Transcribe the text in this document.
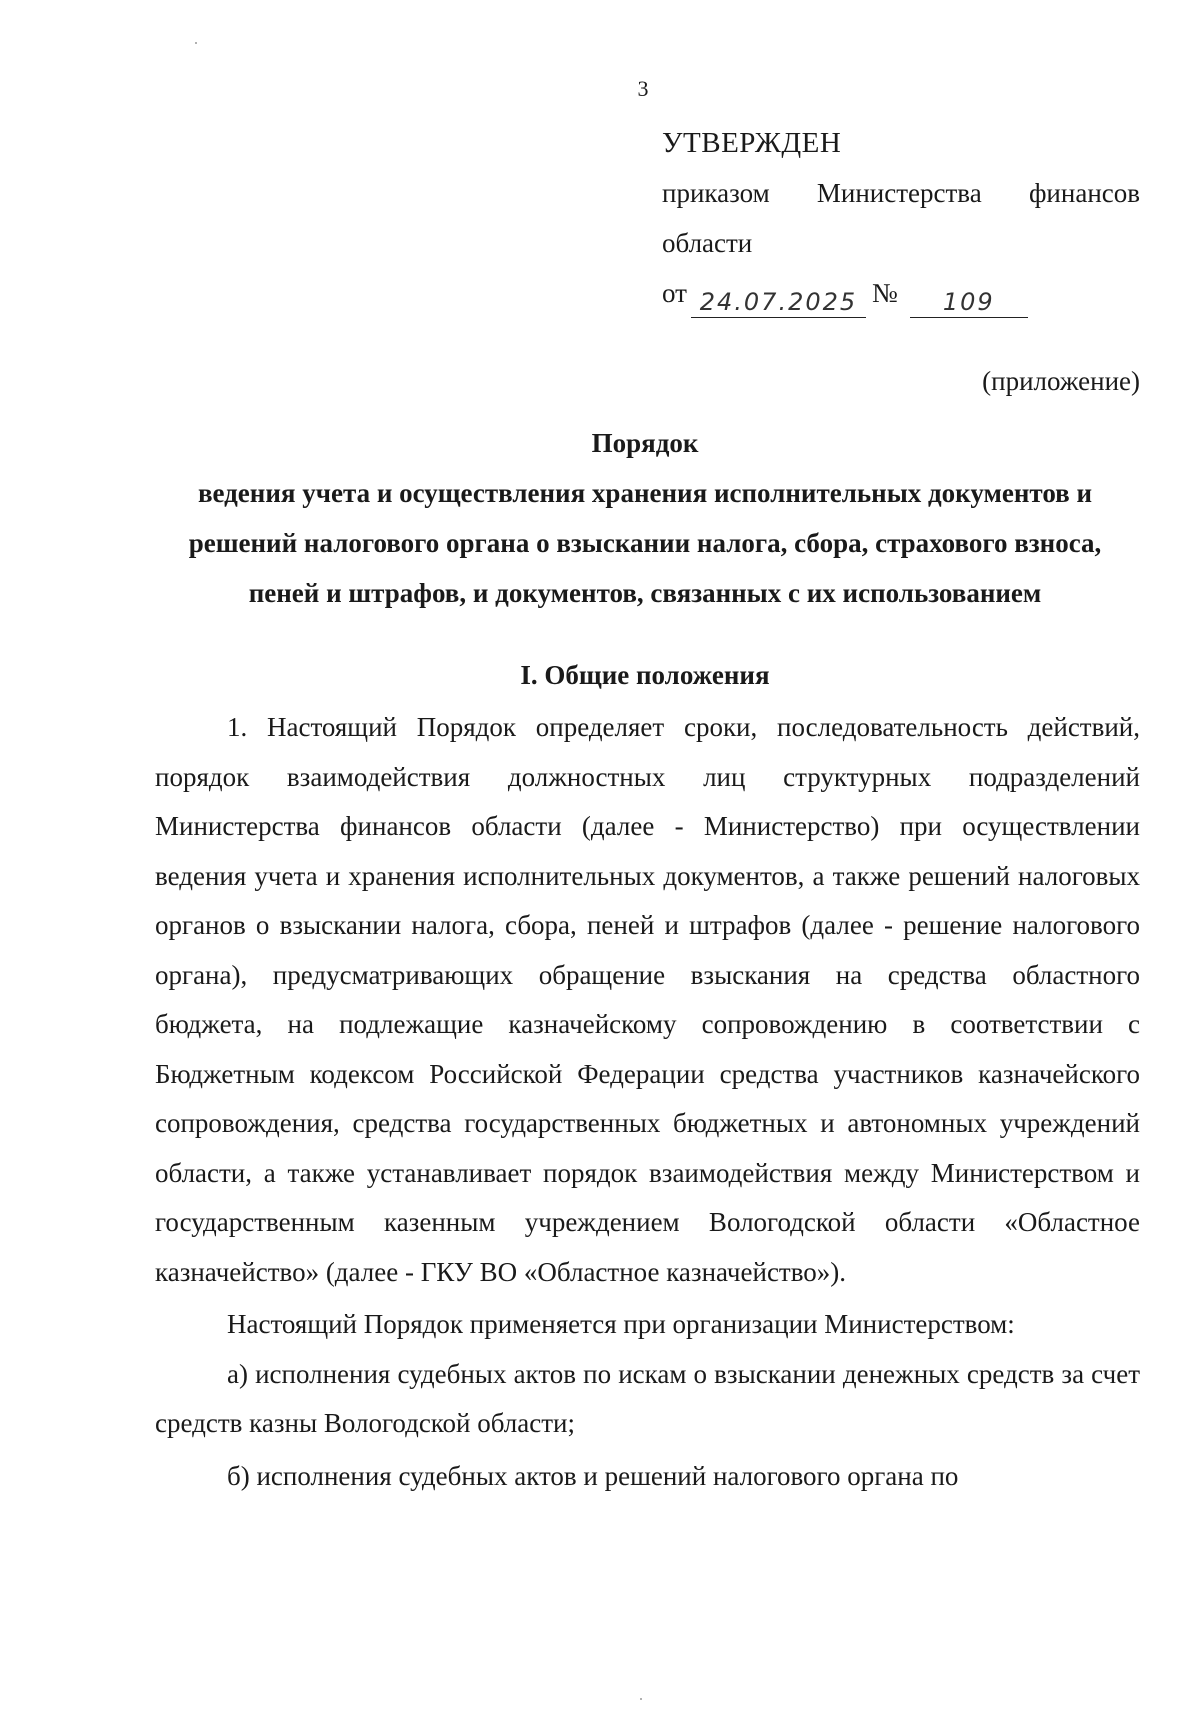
3
УТВЕРЖДЕН
приказом Министерства финансов
области
от 24.07.2025 №	109
(приложение)
Порядок
ведения учета и осуществления хранения исполнительных документов и
решений налогового органа о взыскании налога, сбора, страхового взноса,
пеней и штрафов, и документов, связанных с их использованием
I. Общие положения

1. Настоящий Порядок определяет сроки, последовательность действий, порядок взаимодействия должностных лиц структурных подразделений Министерства финансов области (далее - Министерство) при осуществлении ведения учета и хранения исполнительных документов, а также решений налоговых органов о взыскании налога, сбора, пеней и штрафов (далее - решение налогового органа), предусматривающих обращение взыскания на средства областного бюджета, на подлежащие казначейскому сопровождению в соответствии с Бюджетным кодексом Российской Федерации средства участников казначейского сопровождения, средства государственных бюджетных и автономных учреждений области, а также устанавливает порядок взаимодействия между Министерством и государственным казенным учреждением Вологодской области «Областное казначейство» (далее - ГКУ ВО «Областное казначейство»).

Настоящий Порядок применяется при организации Министерством:

а) исполнения судебных актов по искам о взыскании денежных средств за счет средств казны Вологодской области;

б) исполнения судебных актов и решений налогового органа по
